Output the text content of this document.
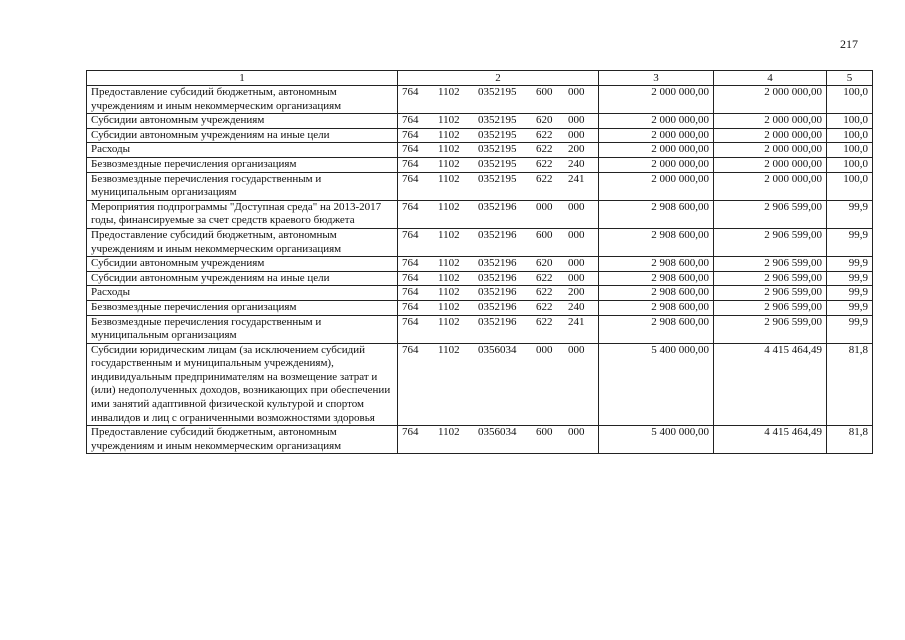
217
1	2	3	4	5
Предоставление субсидий бюджетным, автономным учреждениям и иным некоммерческим организациям	764 1102 0352195 600 000	2 000 000,00	2 000 000,00	100,0
Субсидии автономным учреждениям	764 1102 0352195 620 000	2 000 000,00	2 000 000,00	100,0
Субсидии автономным учреждениям на иные цели	764 1102 0352195 622 000	2 000 000,00	2 000 000,00	100,0
Расходы	764 1102 0352195 622 200	2 000 000,00	2 000 000,00	100,0
Безвозмездные перечисления организациям	764 1102 0352195 622 240	2 000 000,00	2 000 000,00	100,0
Безвозмездные перечисления государственным и муниципальным организациям	764 1102 0352195 622 241	2 000 000,00	2 000 000,00	100,0
Мероприятия подпрограммы "Доступная среда" на 2013-2017 годы, финансируемые за счет средств краевого бюджета	764 1102 0352196 000 000	2 908 600,00	2 906 599,00	99,9
Предоставление субсидий бюджетным, автономным учреждениям и иным некоммерческим организациям	764 1102 0352196 600 000	2 908 600,00	2 906 599,00	99,9
Субсидии автономным учреждениям	764 1102 0352196 620 000	2 908 600,00	2 906 599,00	99,9
Субсидии автономным учреждениям на иные цели	764 1102 0352196 622 000	2 908 600,00	2 906 599,00	99,9
Расходы	764 1102 0352196 622 200	2 908 600,00	2 906 599,00	99,9
Безвозмездные перечисления организациям	764 1102 0352196 622 240	2 908 600,00	2 906 599,00	99,9
Безвозмездные перечисления государственным и муниципальным организациям	764 1102 0352196 622 241	2 908 600,00	2 906 599,00	99,9
Субсидии юридическим лицам (за исключением субсидий государственным и муниципальным учреждениям), индивидуальным предпринимателям на возмещение затрат и (или) недополученных доходов, возникающих при обеспечении ими занятий адаптивной физической культурой и спортом инвалидов и лиц с ограниченными возможностями здоровья	764 1102 0356034 000 000	5 400 000,00	4 415 464,49	81,8
Предоставление субсидий бюджетным, автономным учреждениям и иным некоммерческим организациям	764 1102 0356034 600 000	5 400 000,00	4 415 464,49	81,8
